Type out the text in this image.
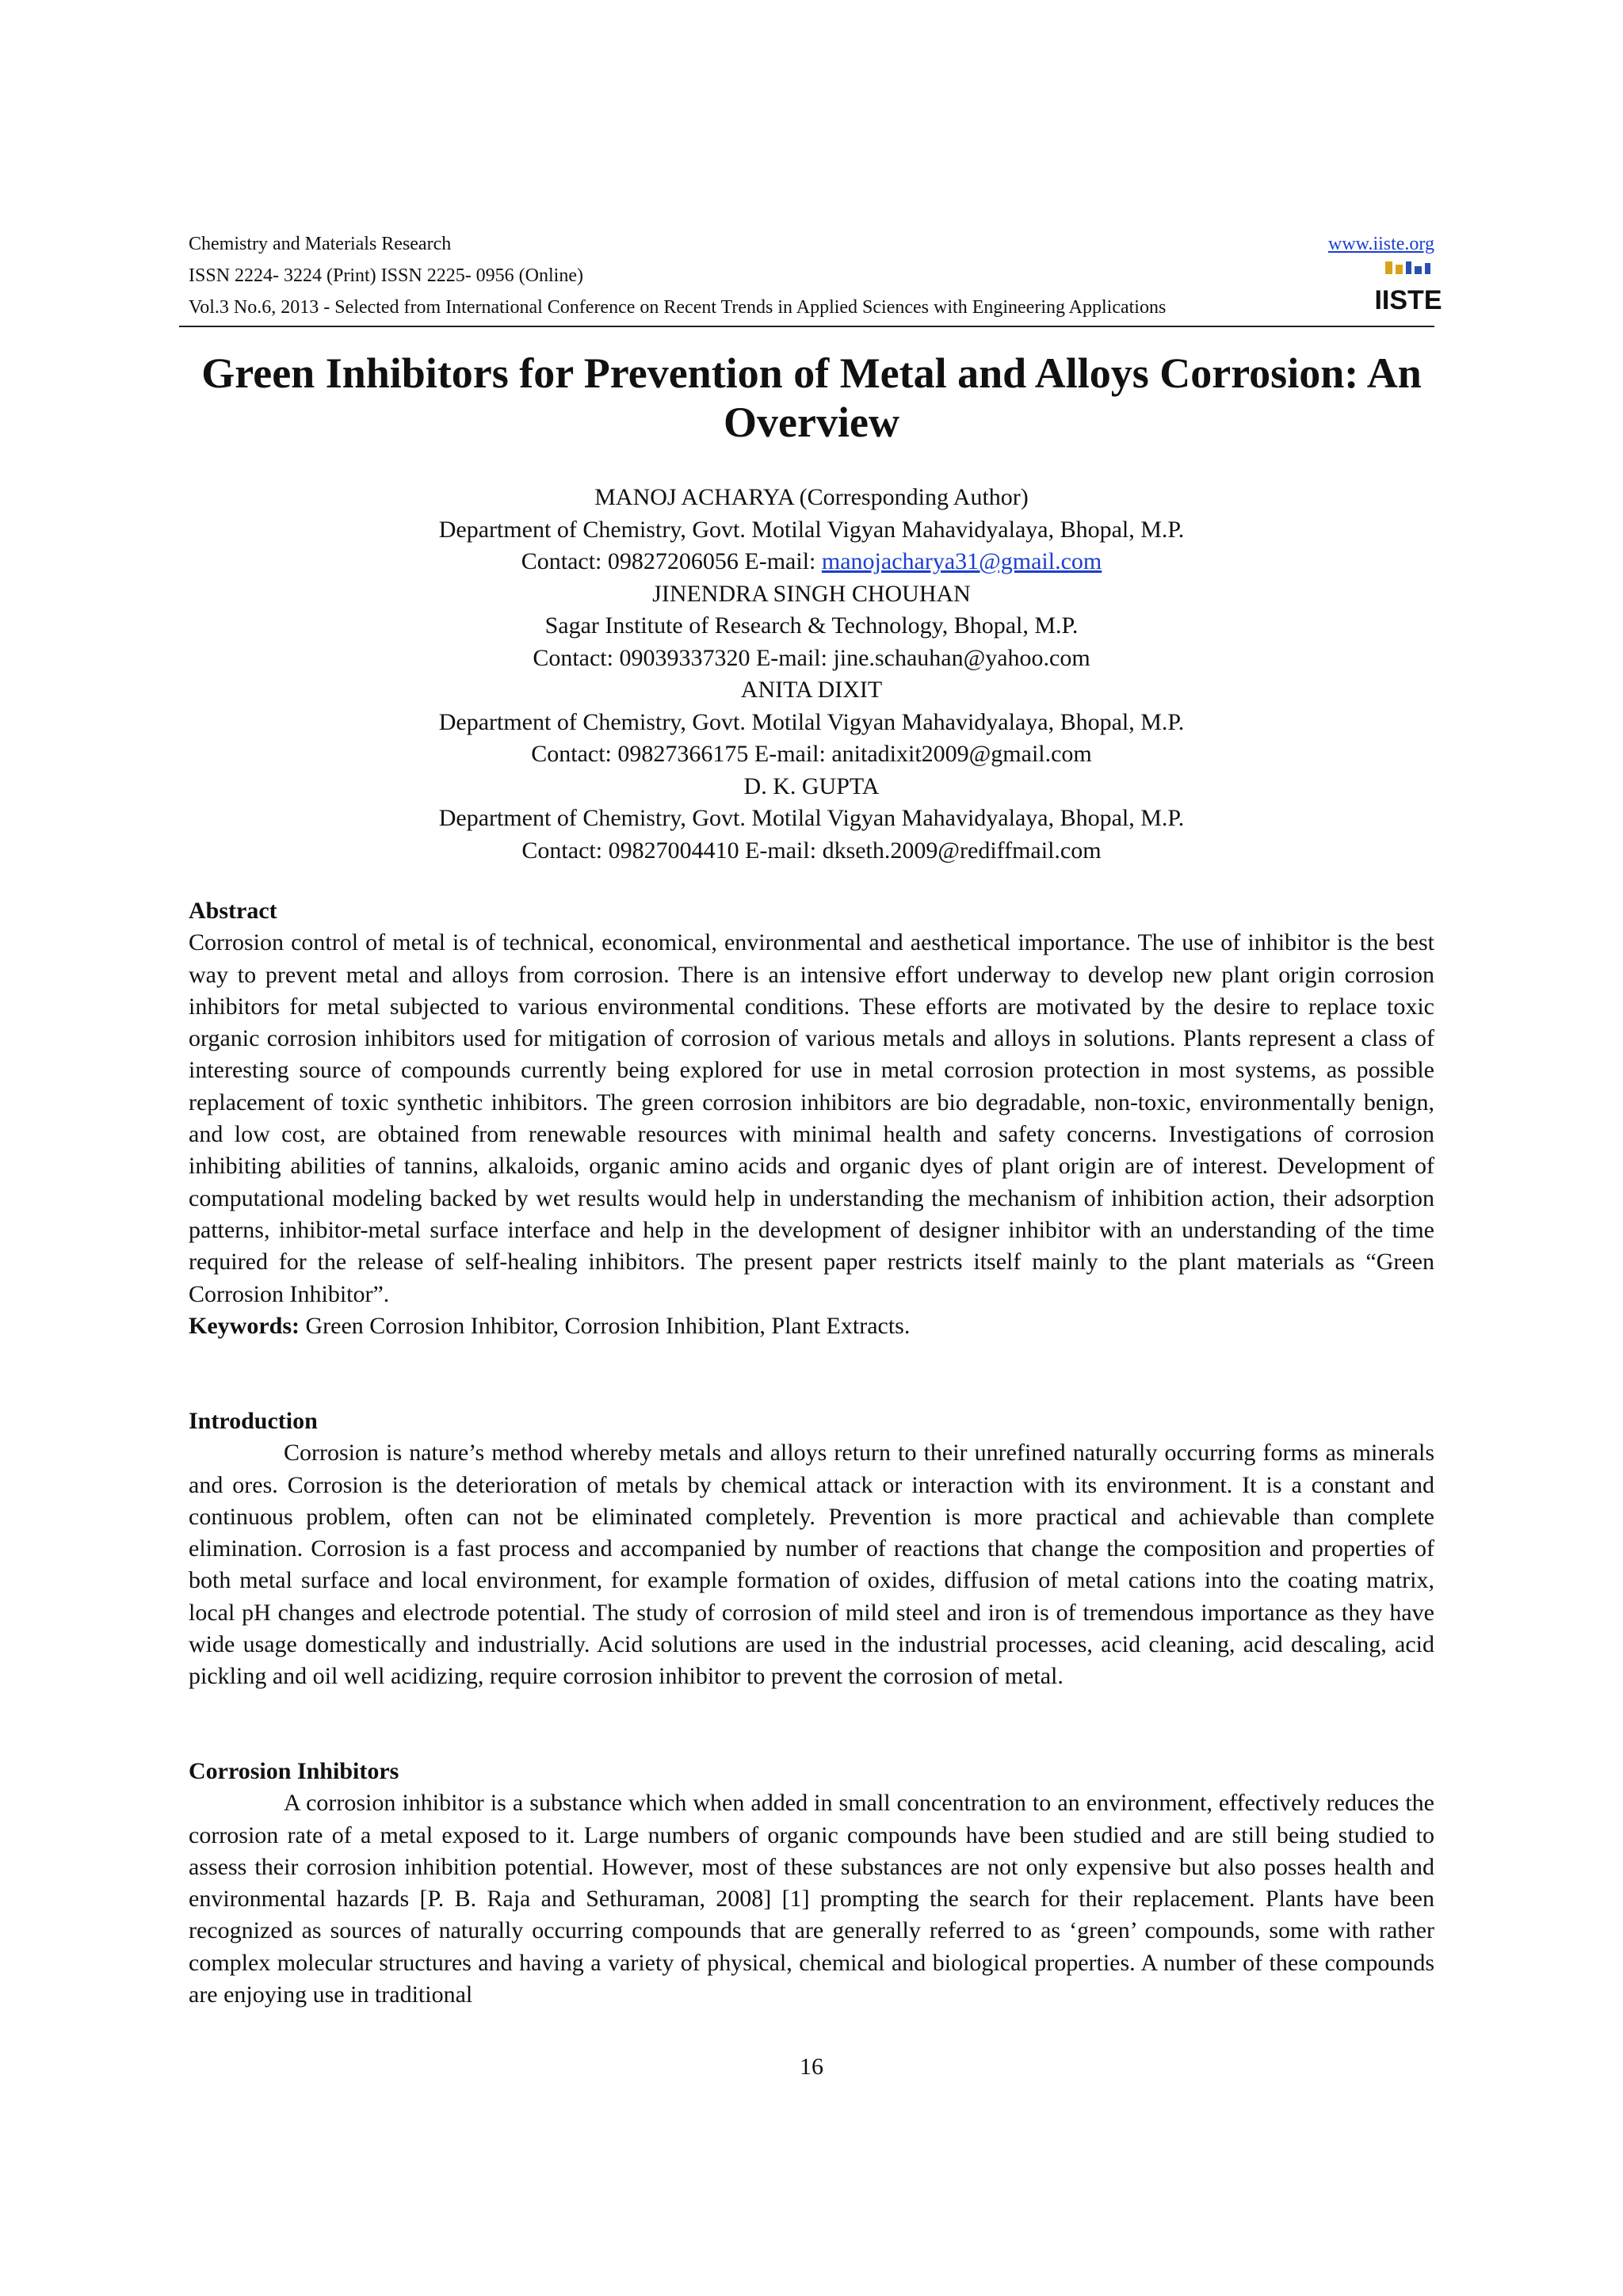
Chemistry and Materials Research	www.iiste.org
ISSN 2224- 3224 (Print) ISSN 2225- 0956 (Online)
Vol.3 No.6, 2013 - Selected from International Conference on Recent Trends in Applied Sciences with Engineering Applications	IISTE
Green Inhibitors for Prevention of Metal and Alloys Corrosion: An
Overview
MANOJ ACHARYA (Corresponding Author)
Department of Chemistry, Govt. Motilal Vigyan Mahavidyalaya, Bhopal, M.P.
Contact: 09827206056 E-mail: manojacharya31@gmail.com
JINENDRA SINGH CHOUHAN
Sagar Institute of Research & Technology, Bhopal, M.P.
Contact: 09039337320 E-mail: jine.schauhan@yahoo.com
ANITA DIXIT
Department of Chemistry, Govt. Motilal Vigyan Mahavidyalaya, Bhopal, M.P.
Contact: 09827366175 E-mail: anitadixit2009@gmail.com
D. K. GUPTA
Department of Chemistry, Govt. Motilal Vigyan Mahavidyalaya, Bhopal, M.P.
Contact: 09827004410 E-mail: dkseth.2009@rediffmail.com
Abstract

Corrosion control of metal is of technical, economical, environmental and aesthetical importance. The use of inhibitor is the best way to prevent metal and alloys from corrosion. There is an intensive effort underway to develop new plant origin corrosion inhibitors for metal subjected to various environmental conditions. These efforts are motivated by the desire to replace toxic organic corrosion inhibitors used for mitigation of corrosion of various metals and alloys in solutions. Plants represent a class of interesting source of compounds currently being explored for use in metal corrosion protection in most systems, as possible replacement of toxic synthetic inhibitors. The green corrosion inhibitors are bio degradable, non-toxic, environmentally benign, and low cost, are obtained from renewable resources with minimal health and safety concerns. Investigations of corrosion inhibiting abilities of tannins, alkaloids, organic amino acids and organic dyes of plant origin are of interest. Development of computational modeling backed by wet results would help in understanding the mechanism of inhibition action, their adsorption patterns, inhibitor-metal surface interface and help in the development of designer inhibitor with an understanding of the time required for the release of self-healing inhibitors. The present paper restricts itself mainly to the plant materials as “Green Corrosion Inhibitor”.

Keywords: Green Corrosion Inhibitor, Corrosion Inhibition, Plant Extracts.
Introduction

Corrosion is nature’s method whereby metals and alloys return to their unrefined naturally occurring forms as minerals and ores. Corrosion is the deterioration of metals by chemical attack or interaction with its environment. It is a constant and continuous problem, often can not be eliminated completely. Prevention is more practical and achievable than complete elimination. Corrosion is a fast process and accompanied by number of reactions that change the composition and properties of both metal surface and local environment, for example formation of oxides, diffusion of metal cations into the coating matrix, local pH changes and electrode potential. The study of corrosion of mild steel and iron is of tremendous importance as they have wide usage domestically and industrially. Acid solutions are used in the industrial processes, acid cleaning, acid descaling, acid pickling and oil well acidizing, require corrosion inhibitor to prevent the corrosion of metal.

Corrosion Inhibitors

A corrosion inhibitor is a substance which when added in small concentration to an environment, effectively reduces the corrosion rate of a metal exposed to it. Large numbers of organic compounds have been studied and are still being studied to assess their corrosion inhibition potential. However, most of these substances are not only expensive but also posses health and environmental hazards [P. B. Raja and Sethuraman, 2008] [1] prompting the search for their replacement. Plants have been recognized as sources of naturally occurring compounds that are generally referred to as ‘green’ compounds, some with rather complex molecular structures and having a variety of physical, chemical and biological properties. A number of these compounds are enjoying use in traditional

16
